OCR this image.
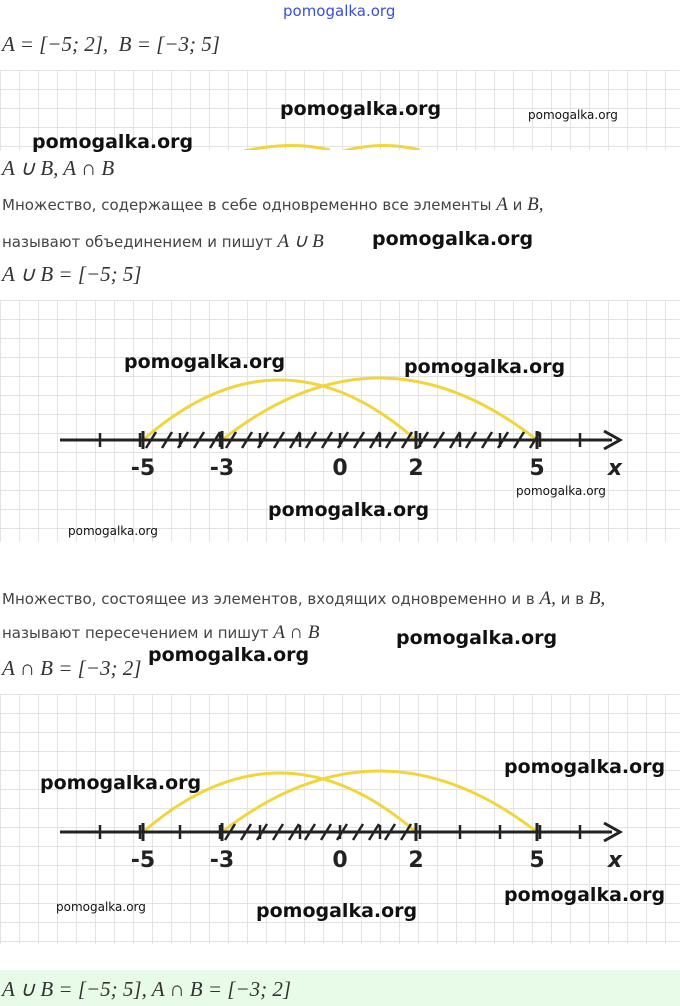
pomogalka.org
A = [−5; 2], B = [−3; 5]
pomogalka.org	pomogalka.org
pomogalka.org
A ∪ B, A ∩ B
Множество, содержащее в себе одновременно все элементы A и B,
называют объединением и пишут A ∪ B	pomogalka.org
A ∪ B = [−5; 5]
-5 -3	0	2	5	x
pomogalka.org	pomogalka.org
pomogalka.org
pomogalka.org
pomogalka.org
Множество, состоящее из элементов, входящих одновременно и в A, и в B,
называют пересечением и пишут A ∩ B	pomogalka.org
A ∩ B = [−3; 2]
pomogalka.org
-5 -3	0	2	5	x
pomogalka.org
pomogalka.org
pomogalka.org
pomogalka.org	pomogalka.org
A ∪ B = [−5; 5], A ∩ B = [−3; 2]
